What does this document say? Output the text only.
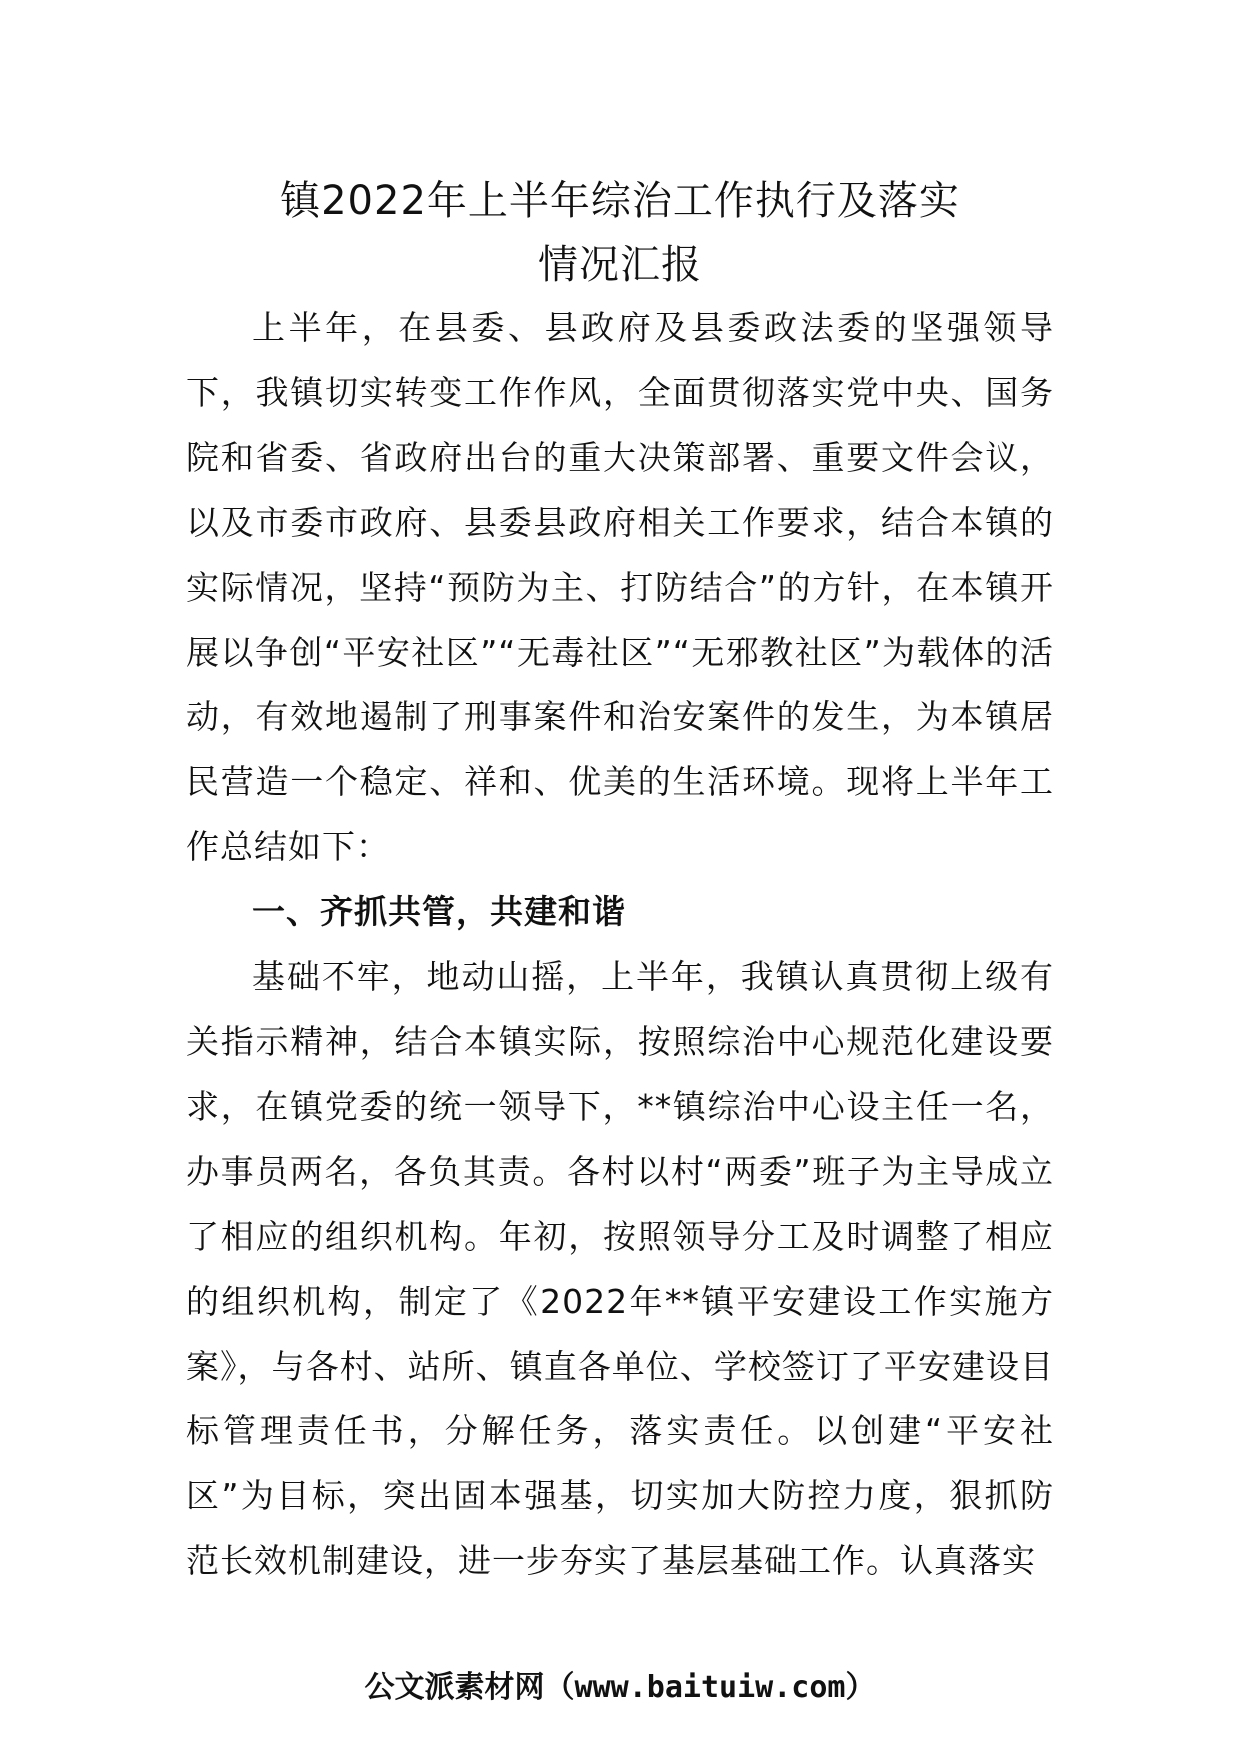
镇2022年上半年综治工作执行及落实
情况汇报

上半年，在县委、县政府及县委政法委的坚强领导下，我镇切实转变工作作风，全面贯彻落实党中央、国务院和省委、省政府出台的重大决策部署、重要文件会议，以及市委市政府、县委县政府相关工作要求，结合本镇的实际情况，坚持“预防为主、打防结合”的方针，在本镇开展以争创“平安社区”“无毒社区”“无邪教社区”为载体的活动，有效地遏制了刑事案件和治安案件的发生，为本镇居民营造一个稳定、祥和、优美的生活环境。现将上半年工作总结如下：

一、齐抓共管，共建和谐

基础不牢，地动山摇，上半年，我镇认真贯彻上级有关指示精神，结合本镇实际，按照综治中心规范化建设要求，在镇党委的统一领导下，**镇综治中心设主任一名，办事员两名，各负其责。各村以村“两委”班子为主导成立了相应的组织机构。年初，按照领导分工及时调整了相应的组织机构，制定了《2022年**镇平安建设工作实施方案》，与各村、站所、镇直各单位、学校签订了平安建设目标管理责任书，分解任务，落实责任。以创建“平安社区”为目标，突出固本强基，切实加大防控力度，狠抓防范长效机制建设，进一步夯实了基层基础工作。认真落实

公文派素材网（www.baituiw.com）
